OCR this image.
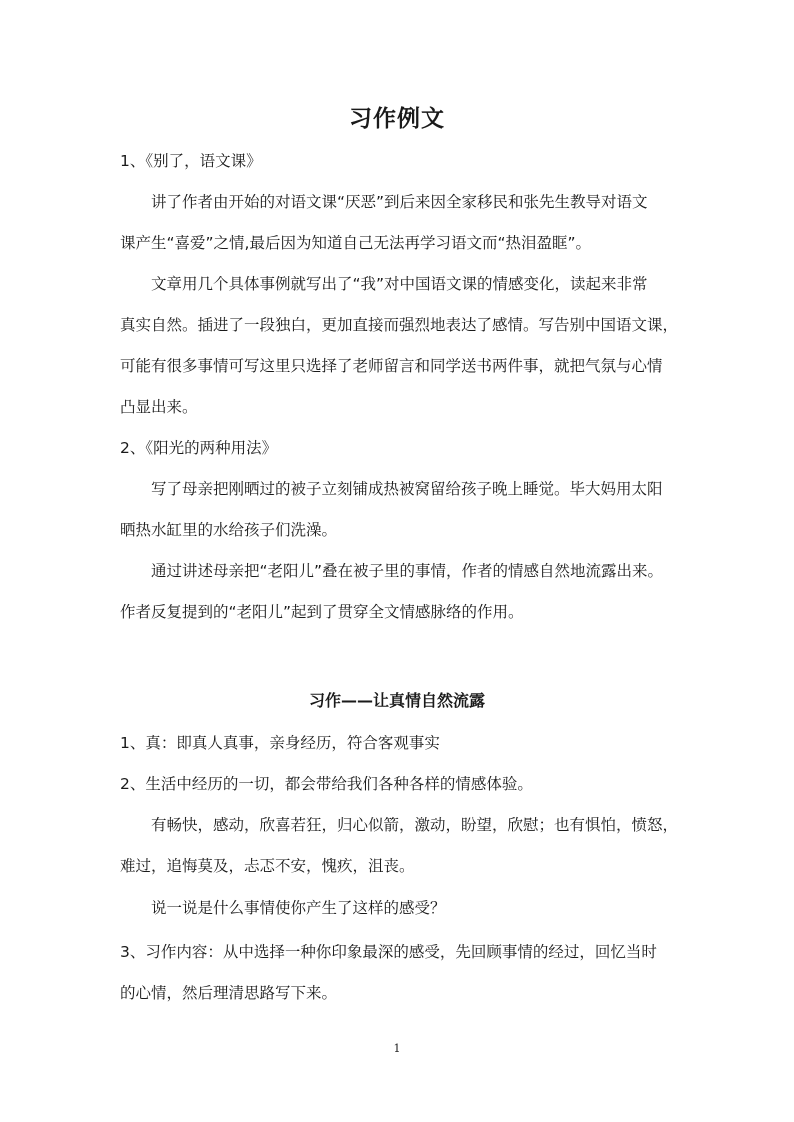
习作例文
1、《别了，语文课》
讲了作者由开始的对语文课“厌恶”到后来因全家移民和张先生教导对语文
课产生“喜爱”之情,最后因为知道自己无法再学习语文而“热泪盈眶”。
文章用几个具体事例就写出了“我”对中国语文课的情感变化，读起来非常
真实自然。插进了一段独白，更加直接而强烈地表达了感情。写告别中国语文课，
可能有很多事情可写这里只选择了老师留言和同学送书两件事，就把气氛与心情
凸显出来。
2、《阳光的两种用法》
写了母亲把刚晒过的被子立刻铺成热被窝留给孩子晚上睡觉。毕大妈用太阳
晒热水缸里的水给孩子们洗澡。
通过讲述母亲把“老阳儿”叠在被子里的事情，作者的情感自然地流露出来。
作者反复提到的“老阳儿”起到了贯穿全文情感脉络的作用。
习作——让真情自然流露
1、真：即真人真事，亲身经历，符合客观事实
2、生活中经历的一切，都会带给我们各种各样的情感体验。
有畅快，感动，欣喜若狂，归心似箭，激动，盼望，欣慰；也有惧怕，愤怒，
难过，追悔莫及，忐忑不安，愧疚，沮丧。
说一说是什么事情使你产生了这样的感受？
3、习作内容：从中选择一种你印象最深的感受，先回顾事情的经过，回忆当时
的心情，然后理清思路写下来。
1
